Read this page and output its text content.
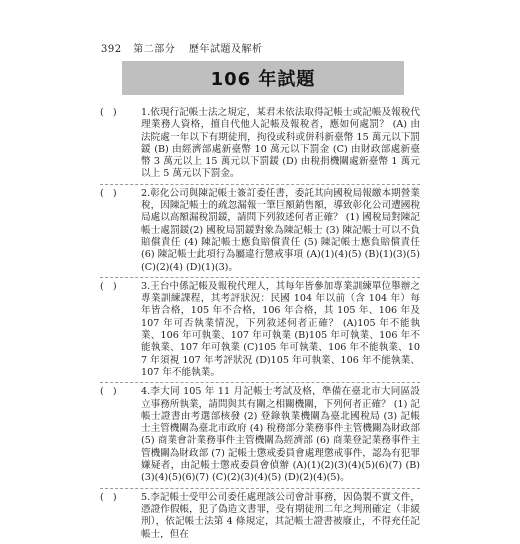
392 第二部分 歷年試題及解析
106 年試題
(   )	1.依現行記帳士法之規定，某君未依法取得記帳士或記帳及報稅代理業務人資格，擅自代他人記帳及報稅者，應如何處罰？ (A) 由法院處一年以下有期徒刑，拘役或科或併科新臺幣 15 萬元以下罰鍰 (B) 由經濟部處新臺幣 10 萬元以下罰金 (C) 由財政部處新臺幣 3 萬元以上 15 萬元以下罰鍰 (D) 由稅捐機關處新臺幣 1 萬元以上 5 萬元以下罰金。
(   )	2.彰化公司與陳記帳士簽訂委任書，委託其向國稅局報繳本期營業稅，因陳記帳士的疏忽漏報一筆巨額銷售額，導致彰化公司遭國稅局處以高額漏稅罰鍰，請問下列敘述何者正確？ (1) 國稅局對陳記帳士處罰鍰(2) 國稅局罰鍰對象為陳記帳士 (3) 陳記帳士可以不負賠償責任 (4) 陳記帳士應負賠償責任 (5) 陳記帳士應負賠償責任 (6) 陳記帳士此項行為屬違行懲戒事項 (A)(1)(4)(5) (B)(1)(3)(5) (C)(2)(4) (D)(1)(3)。
(   )	3.王台中係記帳及報稅代理人，其每年皆參加專業訓練單位舉辦之專業訓練課程，其考評狀況：民國 104 年以前（含 104 年）每年皆合格，105 年不合格，106 年合格，其 105 年、106 年及 107 年可否執業情況，下列敘述何者正確？ (A)105 年不能執業、106 年可執業、107 年可執業 (B)105 年可執業、106 年不能執業、107 年可執業 (C)105 年可執業、106 年不能執業、107 年須視 107 年考評狀況 (D)105 年可執業、106 年不能執業、107 年不能執業。
(   )	4.李大同 105 年 11 月記帳士考試及格，準備在臺北市大同區設立事務所執業，請問與其有關之相關機關，下列何者正確？ (1) 記帳士證書由考選部核發 (2) 登錄執業機關為臺北國稅局 (3) 記帳士主管機關為臺北市政府 (4) 稅務部分業務事件主管機關為財政部 (5) 商業會計業務事件主管機關為經濟部 (6) 商業登記業務事件主管機關為財政部 (7) 記帳士懲戒委員會處理懲戒事件，認為有犯罪嫌疑者，由記帳士懲戒委員會偵辦 (A)(1)(2)(3)(4)(5)(6)(7) (B)(3)(4)(5)(6)(7) (C)(2)(3)(4)(5) (D)(2)(4)(5)。
(   )	5.李記帳士受甲公司委任處理該公司會計事務，因偽製不實文件，憑證作假帳，犯了偽造文書罪，受有期徒刑二年之判刑確定（非緩刑），依記帳士法第 4 條規定，其記帳士證書被廢止，不得充任記帳士，但在
